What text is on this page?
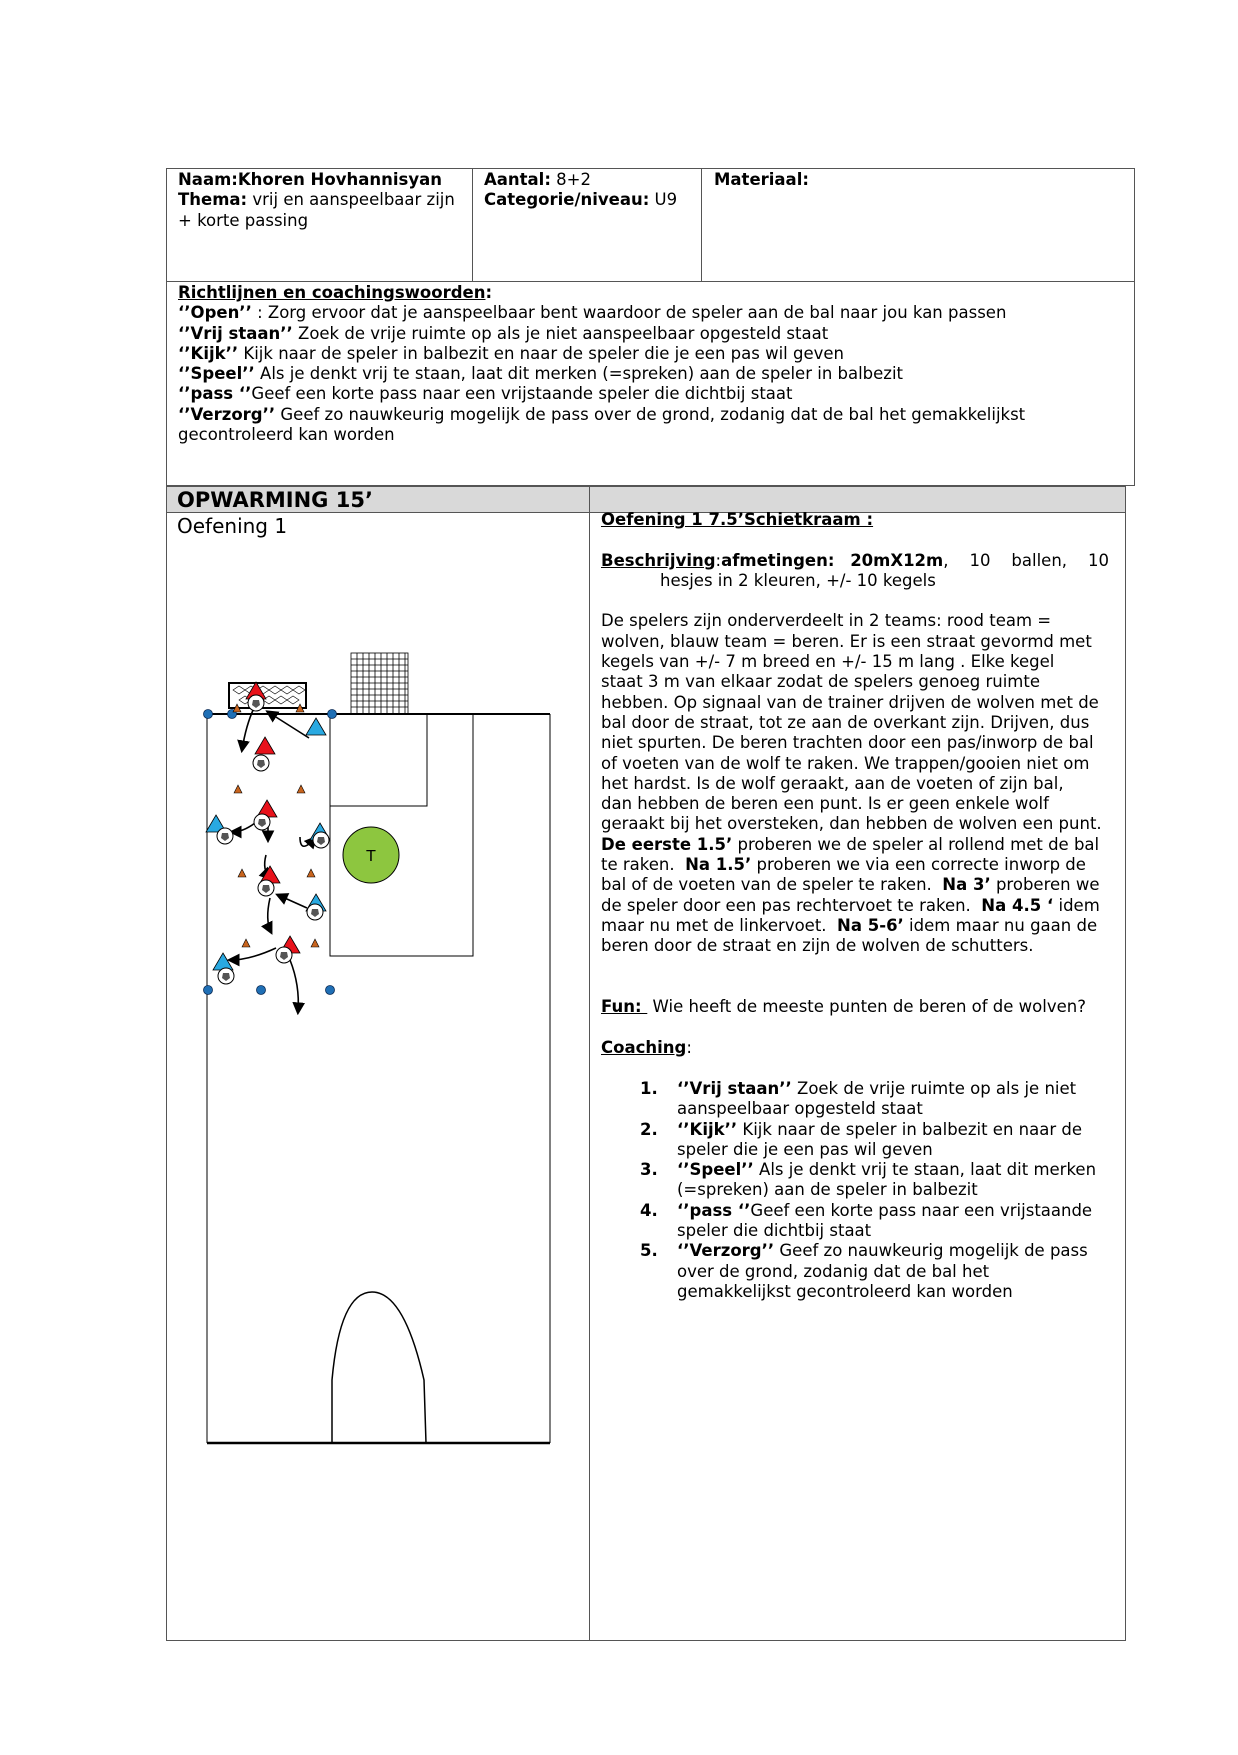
Naam:Khoren Hovhannisyan
Thema: vrij en aanspeelbaar zijn
+ korte passing
Aantal: 8+2
Categorie/niveau: U9
Materiaal:
Richtlijnen en coachingswoorden:
‘’Open’’ : Zorg ervoor dat je aanspeelbaar bent waardoor de speler aan de bal naar jou kan passen
‘’Vrij staan’’ Zoek de vrije ruimte op als je niet aanspeelbaar opgesteld staat
‘’Kijk’’ Kijk naar de speler in balbezit en naar de speler die je een pas wil geven
‘’Speel’’ Als je denkt vrij te staan, laat dit merken (=spreken) aan de speler in balbezit
‘’pass ‘’Geef een korte pass naar een vrijstaande speler die dichtbij staat
‘’Verzorg’’ Geef zo nauwkeurig mogelijk de pass over de grond, zodanig dat de bal het gemakkelijkst
gecontroleerd kan worden
OPWARMING 15’
Oefening 1	Oefening 1 7.5’Schietkraam :

Beschrijving:afmetingen: 20mX12m,    10    ballen,    10
hesjes in 2 kleuren, +/- 10 kegels

De spelers zijn onderverdeelt in 2 teams: rood team =
wolven, blauw team = beren. Er is een straat gevormd met
kegels van +/- 7 m breed en +/- 15 m lang . Elke kegel
staat 3 m van elkaar zodat de spelers genoeg ruimte
hebben. Op signaal van de trainer drijven de wolven met de
bal door de straat, tot ze aan de overkant zijn. Drijven, dus
niet spurten. De beren trachten door een pas/inworp de bal
of voeten van de wolf te raken. We trappen/gooien niet om
het hardst. Is de wolf geraakt, aan de voeten of zijn bal,
dan hebben de beren een punt. Is er geen enkele wolf
geraakt bij het oversteken, dan hebben de wolven een punt.
De eerste 1.5’ proberen we de speler al rollend met de bal
te raken.  Na 1.5’ proberen we via een correcte inworp de
bal of de voeten van de speler te raken.  Na 3’ proberen we
de speler door een pas rechtervoet te raken.  Na 4.5 ‘ idem
maar nu met de linkervoet.  Na 5-6’ idem maar nu gaan de
beren door de straat en zijn de wolven de schutters.

Fun:  Wie heeft de meeste punten de beren of de wolven?

Coaching:

1. ‘’Vrij staan’’ Zoek de vrije ruimte op als je niet
aanspeelbaar opgesteld staat
2. ‘’Kijk’’ Kijk naar de speler in balbezit en naar de
speler die je een pas wil geven
3. ‘’Speel’’ Als je denkt vrij te staan, laat dit merken
(=spreken) aan de speler in balbezit
4. ‘’pass ‘’Geef een korte pass naar een vrijstaande
speler die dichtbij staat
5. ‘’Verzorg’’ Geef zo nauwkeurig mogelijk de pass
over de grond, zodanig dat de bal het
gemakkelijkst gecontroleerd kan worden
T
